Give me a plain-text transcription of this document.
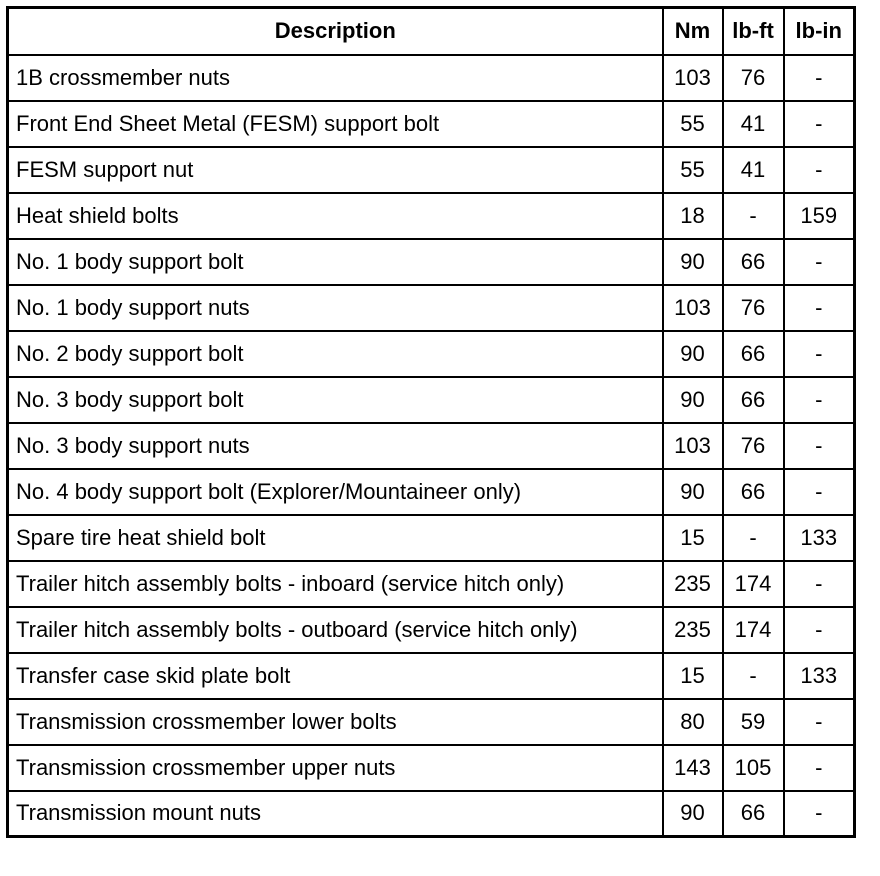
Description	Nm	lb-ft	lb-in
1B crossmember nuts	103	76	-
Front End Sheet Metal (FESM) support bolt	55	41	-
FESM support nut	55	41	-
Heat shield bolts	18	-	159
No. 1 body support bolt	90	66	-
No. 1 body support nuts	103	76	-
No. 2 body support bolt	90	66	-
No. 3 body support bolt	90	66	-
No. 3 body support nuts	103	76	-
No. 4 body support bolt (Explorer/Mountaineer only)	90	66	-
Spare tire heat shield bolt	15	-	133
Trailer hitch assembly bolts - inboard (service hitch only)	235	174	-
Trailer hitch assembly bolts - outboard (service hitch only)	235	174	-
Transfer case skid plate bolt	15	-	133
Transmission crossmember lower bolts	80	59	-
Transmission crossmember upper nuts	143	105	-
Transmission mount nuts	90	66	-
